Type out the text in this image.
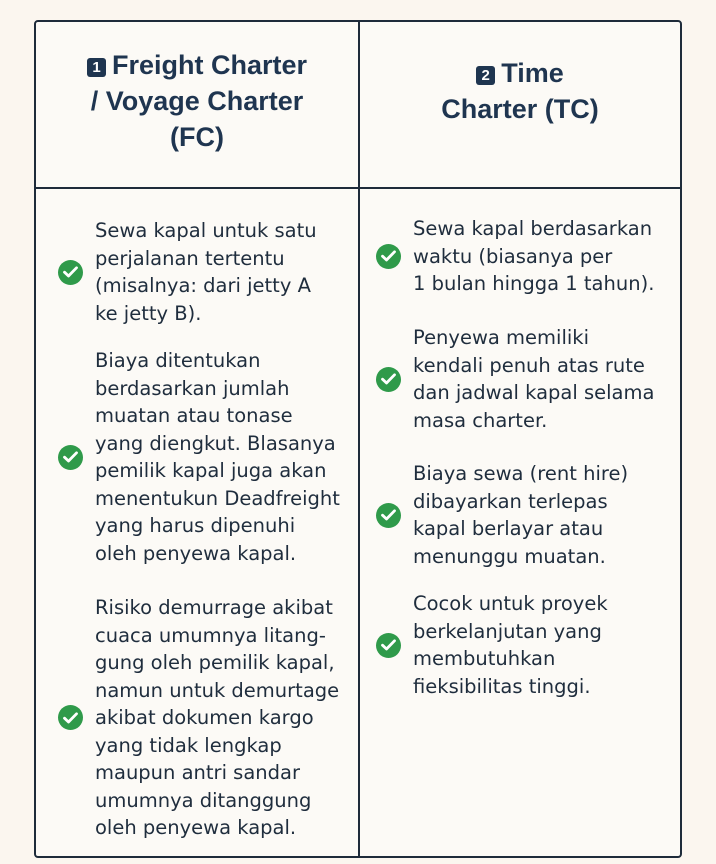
1 Freight Charter
/ Voyage Charter
(FC)
2 Time
Charter (TC)
Sewa kapal untuk satu
perjalanan tertentu
(misalnya: dari jetty A
ke jetty B).
Biaya ditentukan
berdasarkan jumlah
muatan atau tonase
yang diengkut. Blasanya
pemilik kapal juga akan
menentukun Deadfreight
yang harus dipenuhi
oleh penyewa kapal.
Risiko demurrage akibat
cuaca umumnya litang-
gung oleh pemilik kapal,
namun untuk demurtage
akibat dokumen kargo
yang tidak lengkap
maupun antri sandar
umumnya ditanggung
oleh penyewa kapal.
Sewa kapal berdasarkan
waktu (biasanya per
1 bulan hingga 1 tahun).
Penyewa memiliki
kendali penuh atas rute
dan jadwal kapal selama
masa charter.
Biaya sewa (rent hire)
dibayarkan terlepas
kapal berlayar atau
menunggu muatan.
Cocok untuk proyek
berkelanjutan yang
membutuhkan
fieksibilitas tinggi.
